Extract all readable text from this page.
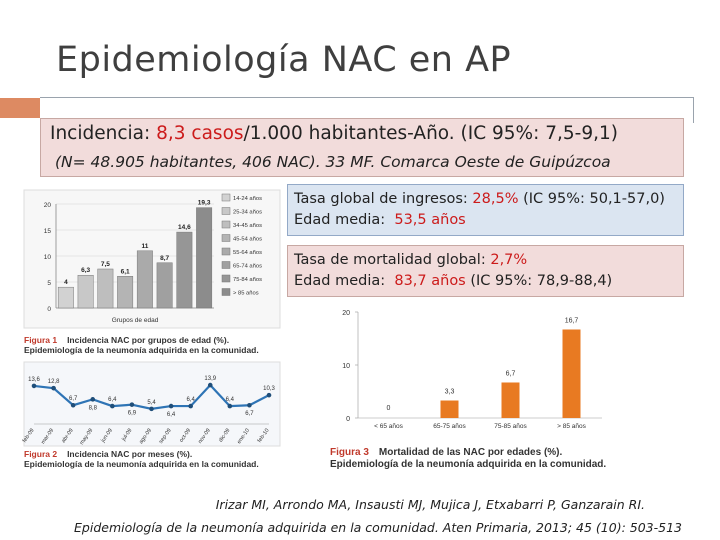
Epidemiología NAC en AP
Incidencia: 8,3 casos/1.000 habitantes-Año. (IC 95%: 7,5-9,1)
(N= 48.905 habitantes, 406 NAC). 33 MF. Comarca Oeste de Guipúzcoa
Tasa global de ingresos: 28,5% (IC 95%: 50,1-57,0)
Edad media: 53,5 años
Tasa de mortalidad global: 2,7%
Edad media: 83,7 años (IC 95%: 78,9-88,4)
0
5
10
15
20
4
6,3
7,5
6,1
11
8,7
14,6
19,3
Grupos de edad
14-24 años
25-34 años
34-45 años
45-54 años
55-64 años
65-74 años
75-84 años
> 85 años
Figura 1 Incidencia NAC por grupos de edad (%).
Epidemiología de la neumonía adquirida en la comunidad.
13,6 12,8
6,7
8,8
6,4
6,9
5,4
6,4
6,4
13,9
6,4
6,7
10,3
feb-09 mar-09 abr-09 may-09 jun-09 jul-09 ago-09 sep-09 oct-09 nov-09 dic-09 ene-10 feb-10
Figura 2 Incidencia NAC por meses (%).
Epidemiología de la neumonía adquirida en la comunidad.
0
10
20
0
< 65 años
3,3
65-75 años
6,7
75-85 años
16,7
> 85 años
Figura 3 Mortalidad de las NAC por edades (%).
Epidemiología de la neumonía adquirida en la comunidad.
Irizar MI, Arrondo MA, Insausti MJ, Mujica J, Etxabarri P, Ganzarain RI.
Epidemiología de la neumonía adquirida en la comunidad. Aten Primaria, 2013; 45 (10): 503-513
